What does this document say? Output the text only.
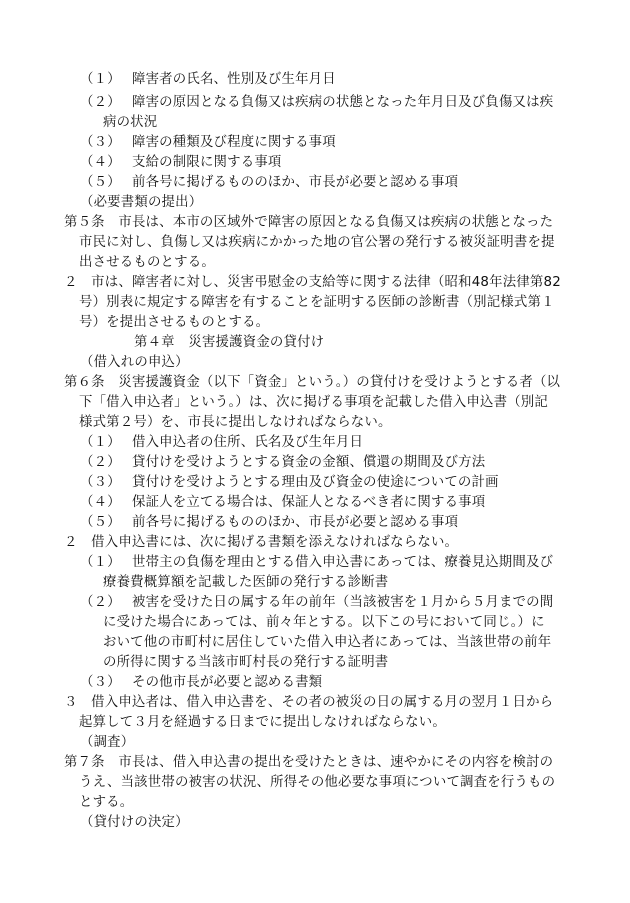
（１） 障害者の氏名、性別及び生年月日
（２） 障害の原因となる負傷又は疾病の状態となった年月日及び負傷又は疾
病の状況
（３） 障害の種類及び程度に関する事項
（４） 支給の制限に関する事項
（５） 前各号に掲げるもののほか、市長が必要と認める事項
（必要書類の提出）
第５条　市長は、本市の区域外で障害の原因となる負傷又は疾病の状態となった
市民に対し、負傷し又は疾病にかかった地の官公署の発行する被災証明書を提
出させるものとする。
２　市は、障害者に対し、災害弔慰金の支給等に関する法律（昭和48年法律第82
号）別表に規定する障害を有することを証明する医師の診断書（別記様式第１
号）を提出させるものとする。
第４章　災害援護資金の貸付け
（借入れの申込）
第６条　災害援護資金（以下「資金」という。）の貸付けを受けようとする者（以
下「借入申込者」という。）は、次に掲げる事項を記載した借入申込書（別記
様式第２号）を、市長に提出しなければならない。
（１） 借入申込者の住所、氏名及び生年月日
（２） 貸付けを受けようとする資金の金額、償還の期間及び方法
（３） 貸付けを受けようとする理由及び資金の使途についての計画
（４） 保証人を立てる場合は、保証人となるべき者に関する事項
（５） 前各号に掲げるもののほか、市長が必要と認める事項
２　借入申込書には、次に掲げる書類を添えなければならない。
（１） 世帯主の負傷を理由とする借入申込書にあっては、療養見込期間及び
療養費概算額を記載した医師の発行する診断書
（２） 被害を受けた日の属する年の前年（当該被害を１月から５月までの間
に受けた場合にあっては、前々年とする。以下この号において同じ。）に
おいて他の市町村に居住していた借入申込者にあっては、当該世帯の前年
の所得に関する当該市町村長の発行する証明書
（３） その他市長が必要と認める書類
３　借入申込者は、借入申込書を、その者の被災の日の属する月の翌月１日から
起算して３月を経過する日までに提出しなければならない。
（調査）
第７条　市長は、借入申込書の提出を受けたときは、速やかにその内容を検討の
うえ、当該世帯の被害の状況、所得その他必要な事項について調査を行うもの
とする。
（貸付けの決定）
